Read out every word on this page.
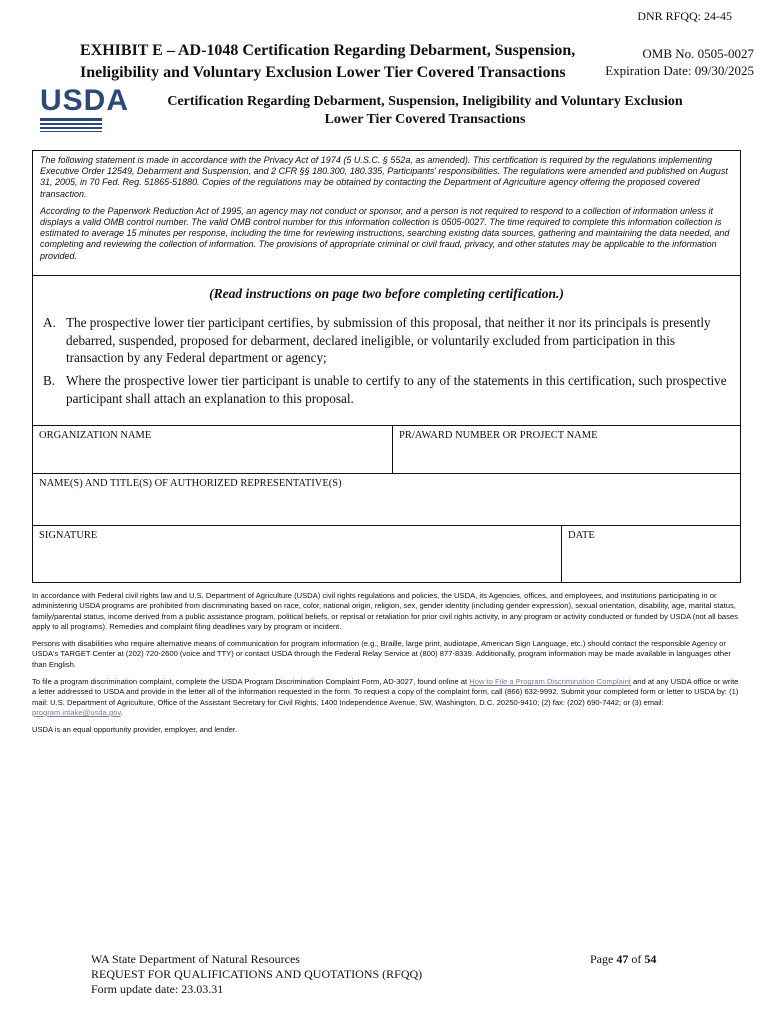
DNR RFQQ: 24-45
EXHIBIT E – AD-1048 Certification Regarding Debarment, Suspension,
Ineligibility and Voluntary Exclusion Lower Tier Covered Transactions
OMB No. 0505-0027
Expiration Date: 09/30/2025
USDA	Certification Regarding Debarment, Suspension, Ineligibility and Voluntary Exclusion
Lower Tier Covered Transactions

The following statement is made in accordance with the Privacy Act of 1974 (5 U.S.C. § 552a, as amended). This certification is required by the regulations implementing Executive Order 12549, Debarment and Suspension, and 2 CFR §§ 180.300, 180.335, Participants' responsibilities. The regulations were amended and published on August 31, 2005, in 70 Fed. Reg. 51865-51880. Copies of the regulations may be obtained by contacting the Department of Agriculture agency offering the proposed covered transaction.

According to the Paperwork Reduction Act of 1995, an agency may not conduct or sponsor, and a person is not required to respond to a collection of information unless it displays a valid OMB control number. The valid OMB control number for this information collection is 0505-0027. The time required to complete this information collection is estimated to average 15 minutes per response, including the time for reviewing instructions, searching existing data sources, gathering and maintaining the data needed, and completing and reviewing the collection of information. The provisions of appropriate criminal or civil fraud, privacy, and other statutes may be applicable to the information provided.

(Read instructions on page two before completing certification.)
A. The prospective lower tier participant certifies, by submission of this proposal, that neither it nor its principals is presently debarred, suspended, proposed for debarment, declared ineligible, or voluntarily excluded from participation in this transaction by any Federal department or agency;
B. Where the prospective lower tier participant is unable to certify to any of the statements in this certification, such prospective participant shall attach an explanation to this proposal.
ORGANIZATION NAME	PR/AWARD NUMBER OR PROJECT NAME
NAME(S) AND TITLE(S) OF AUTHORIZED REPRESENTATIVE(S)
SIGNATURE	DATE

In accordance with Federal civil rights law and U.S. Department of Agriculture (USDA) civil rights regulations and policies, the USDA, its Agencies, offices, and employees, and institutions participating in or administering USDA programs are prohibited from discriminating based on race, color, national origin, religion, sex, gender identity (including gender expression), sexual orientation, disability, age, marital status, family/parental status, income derived from a public assistance program, political beliefs, or reprisal or retaliation for prior civil rights activity, in any program or activity conducted or funded by USDA (not all bases apply to all programs). Remedies and complaint filing deadlines vary by program or incident.

Persons with disabilities who require alternative means of communication for program information (e.g., Braille, large print, audiotape, American Sign Language, etc.) should contact the responsible Agency or USDA's TARGET Center at (202) 720-2600 (voice and TTY) or contact USDA through the Federal Relay Service at (800) 877-8339. Additionally, program information may be made available in languages other than English.

To file a program discrimination complaint, complete the USDA Program Discrimination Complaint Form, AD-3027, found online at How to File a Program Discrimination Complaint and at any USDA office or write a letter addressed to USDA and provide in the letter all of the information requested in the form. To request a copy of the complaint form, call (866) 632-9992. Submit your completed form or letter to USDA by: (1) mail: U.S. Department of Agriculture, Office of the Assistant Secretary for Civil Rights, 1400 Independence Avenue, SW, Washington, D.C. 20250-9410; (2) fax: (202) 690-7442; or (3) email: program.intake@usda.gov.

USDA is an equal opportunity provider, employer, and lender.

WA State Department of Natural Resources
REQUEST FOR QUALIFICATIONS AND QUOTATIONS (RFQQ)
Form update date: 23.03.31
Page 47 of 54
